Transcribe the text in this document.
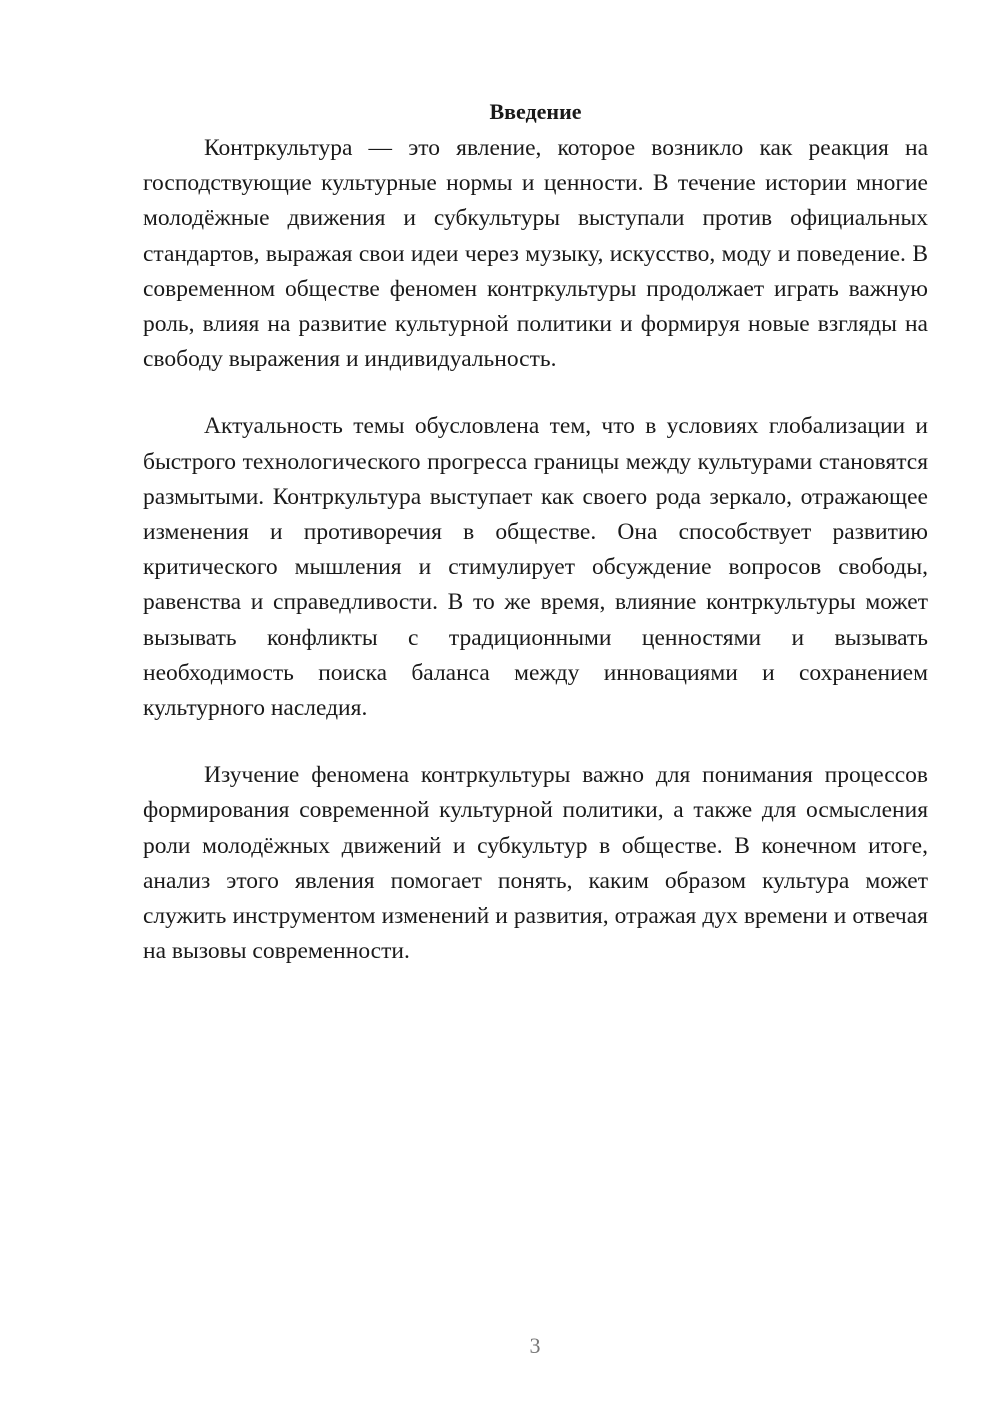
Введение

Контркультура — это явление, которое возникло как реакция на господствующие культурные нормы и ценности. В течение истории многие молодёжные движения и субкультуры выступали против официальных стандартов, выражая свои идеи через музыку, искусство, моду и поведение. В современном обществе феномен контркультуры продолжает играть важную роль, влияя на развитие культурной политики и формируя новые взгляды на свободу выражения и индивидуальность.

Актуальность темы обусловлена тем, что в условиях глобализации и быстрого технологического прогресса границы между культурами становятся размытыми. Контркультура выступает как своего рода зеркало, отражающее изменения и противоречия в обществе. Она способствует развитию критического мышления и стимулирует обсуждение вопросов свободы, равенства и справедливости. В то же время, влияние контркультуры может вызывать конфликты с традиционными ценностями и вызывать необходимость поиска баланса между инновациями и сохранением культурного наследия.

Изучение феномена контркультуры важно для понимания процессов формирования современной культурной политики, а также для осмысления роли молодёжных движений и субкультур в обществе. В конечном итоге, анализ этого явления помогает понять, каким образом культура может служить инструментом изменений и развития, отражая дух времени и отвечая на вызовы современности.

3
